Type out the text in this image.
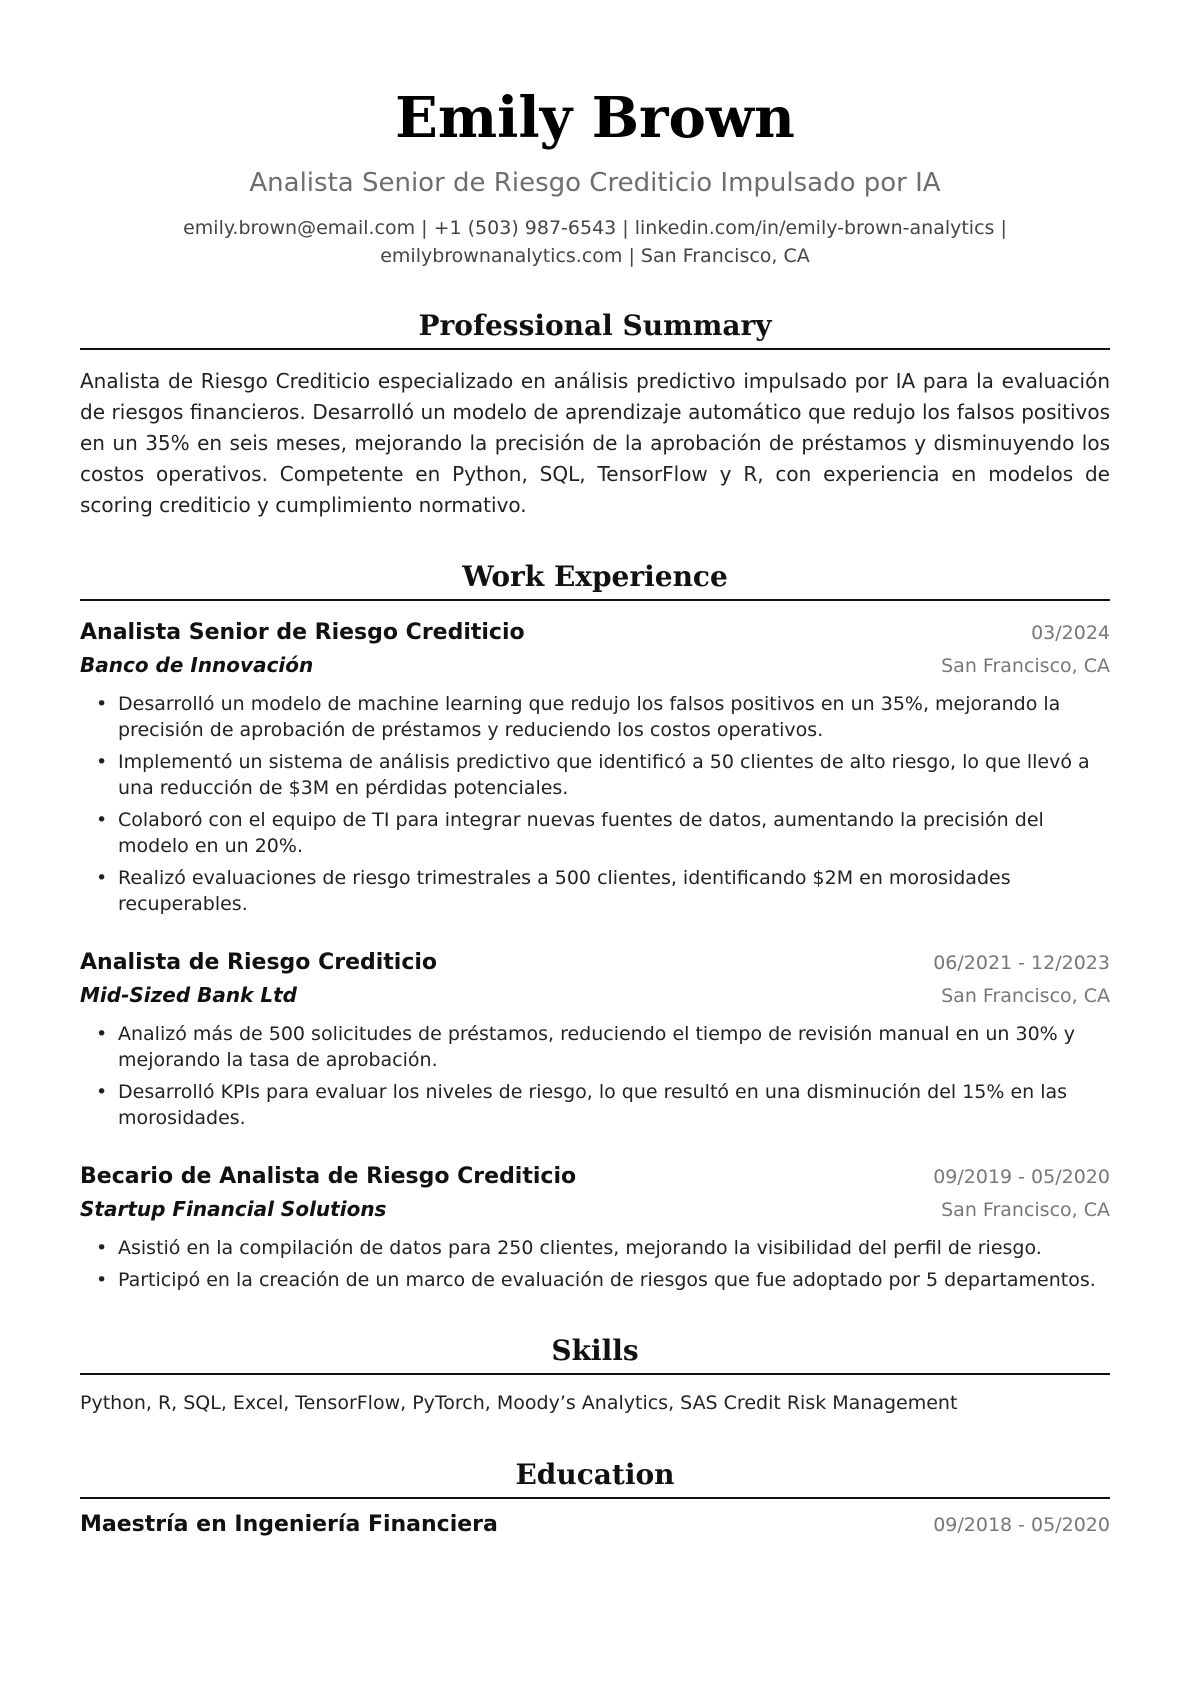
Emily Brown
Analista Senior de Riesgo Crediticio Impulsado por IA
emily.brown@email.com | +1 (503) 987-6543 | linkedin.com/in/emily-brown-analytics |
emilybrownanalytics.com | San Francisco, CA
Professional Summary
Analista de Riesgo Crediticio especializado en análisis predictivo impulsado por IA para la evaluación de riesgos financieros. Desarrolló un modelo de aprendizaje automático que redujo los falsos positivos en un 35% en seis meses, mejorando la precisión de la aprobación de préstamos y disminuyendo los costos operativos. Competente en Python, SQL, TensorFlow y R, con experiencia en modelos de scoring crediticio y cumplimiento normativo.
Work Experience
Analista Senior de Riesgo Crediticio	03/2024
Banco de Innovación	San Francisco, CA
• Desarrolló un modelo de machine learning que redujo los falsos positivos en un 35%, mejorando la precisión de aprobación de préstamos y reduciendo los costos operativos.
• Implementó un sistema de análisis predictivo que identificó a 50 clientes de alto riesgo, lo que llevó a una reducción de $3M en pérdidas potenciales.
• Colaboró con el equipo de TI para integrar nuevas fuentes de datos, aumentando la precisión del modelo en un 20%.
• Realizó evaluaciones de riesgo trimestrales a 500 clientes, identificando $2M en morosidades recuperables.
Analista de Riesgo Crediticio	06/2021 - 12/2023
Mid-Sized Bank Ltd	San Francisco, CA
• Analizó más de 500 solicitudes de préstamos, reduciendo el tiempo de revisión manual en un 30% y mejorando la tasa de aprobación.
• Desarrolló KPIs para evaluar los niveles de riesgo, lo que resultó en una disminución del 15% en las morosidades.
Becario de Analista de Riesgo Crediticio	09/2019 - 05/2020
Startup Financial Solutions	San Francisco, CA
• Asistió en la compilación de datos para 250 clientes, mejorando la visibilidad del perfil de riesgo.
• Participó en la creación de un marco de evaluación de riesgos que fue adoptado por 5 departamentos.
Skills
Python, R, SQL, Excel, TensorFlow, PyTorch, Moody’s Analytics, SAS Credit Risk Management
Education
Maestría en Ingeniería Financiera	09/2018 - 05/2020
